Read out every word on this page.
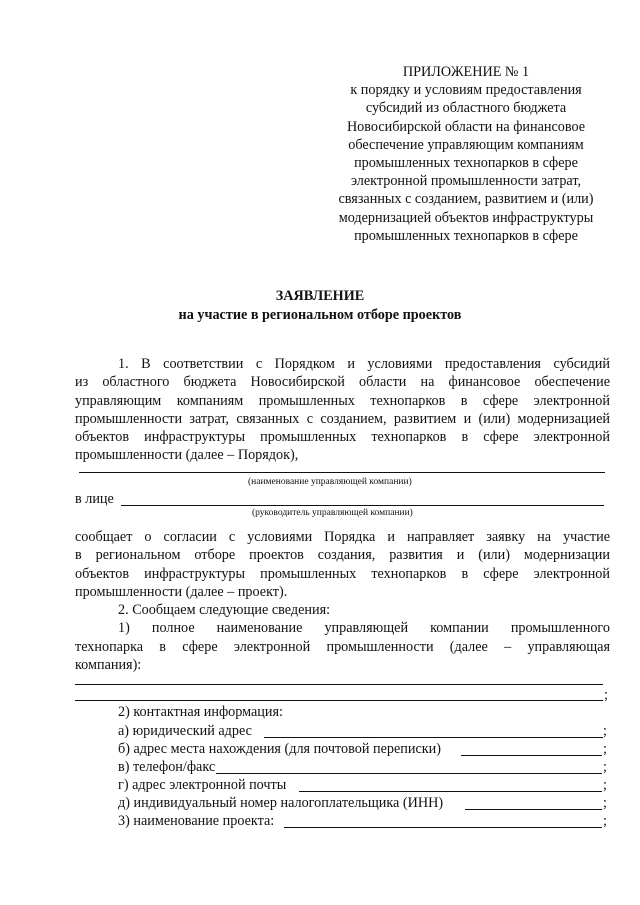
ПРИЛОЖЕНИЕ № 1
к порядку и условиям предоставления
субсидий из областного бюджета
Новосибирской области на финансовое
обеспечение управляющим компаниям
промышленных технопарков в сфере
электронной промышленности затрат,
связанных с созданием, развитием и (или)
модернизацией объектов инфраструктуры
промышленных технопарков в сфере
ЗАЯВЛЕНИЕ
на участие в региональном отборе проектов
1. В соответствии с Порядком и условиями предоставления субсидий
из областного бюджета Новосибирской области на финансовое обеспечение
управляющим компаниям промышленных технопарков в сфере электронной
промышленности затрат, связанных с созданием, развитием и (или) модернизацией
объектов инфраструктуры промышленных технопарков в сфере электронной
промышленности (далее – Порядок),
(наименование управляющей компании)
в лице
(руководитель управляющей компании)
сообщает о согласии с условиями Порядка и направляет заявку на участие
в региональном отборе проектов создания, развития и (или) модернизации
объектов инфраструктуры промышленных технопарков в сфере электронной
промышленности (далее – проект).
2. Сообщаем следующие сведения:
1) полное наименование управляющей компании промышленного
технопарка в сфере электронной промышленности (далее – управляющая
компания):
;
2) контактная информация:
а) юридический адрес	;
б) адрес места нахождения (для почтовой переписки)	;
в) телефон/факс	;
г) адрес электронной почты	;
д) индивидуальный номер налогоплательщика (ИНН)	;
3) наименование проекта:	;
